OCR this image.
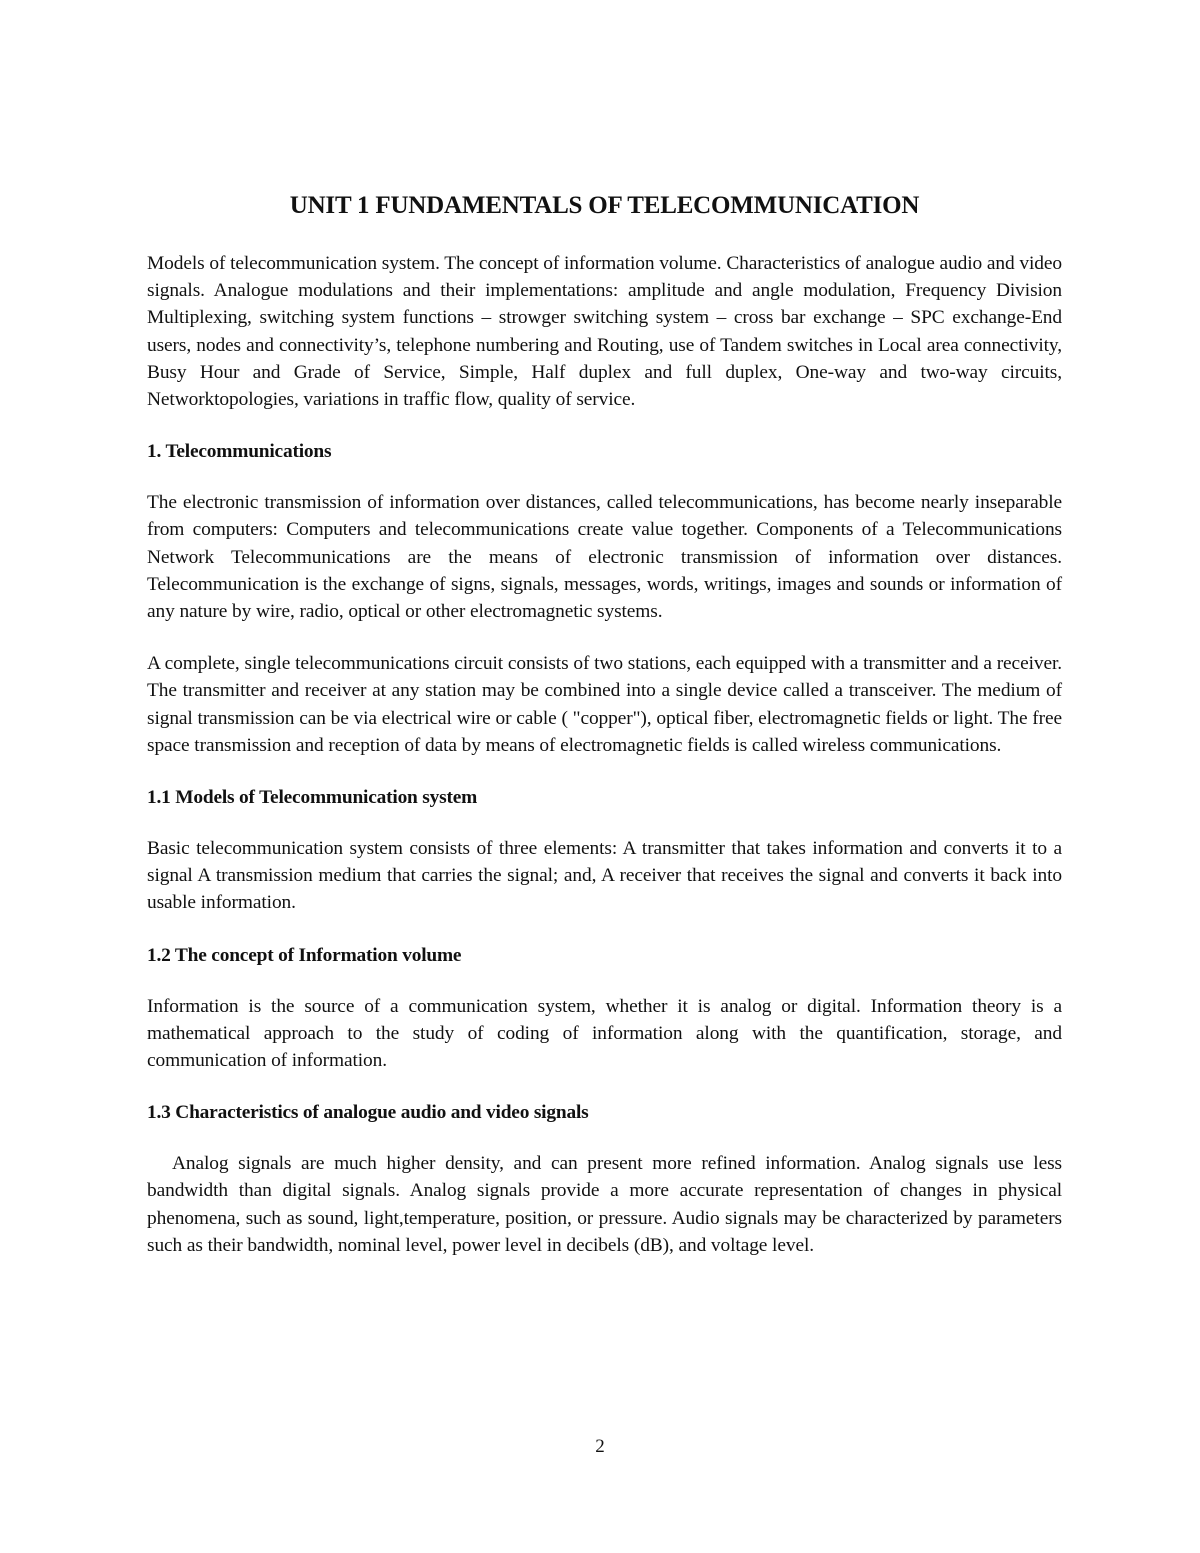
UNIT 1 FUNDAMENTALS OF TELECOMMUNICATION

Models of telecommunication system. The concept of information volume. Characteristics of analogue audio and video signals. Analogue modulations and their implementations: amplitude and angle modulation, Frequency Division Multiplexing, switching system functions – strowger switching system – cross bar exchange – SPC exchange-End users, nodes and connectivity’s, telephone numbering and Routing, use of Tandem switches in Local area connectivity, Busy Hour and Grade of Service, Simple, Half duplex and full duplex, One-way and two-way circuits, Networktopologies, variations in traffic flow, quality of service.

1. Telecommunications

The electronic transmission of information over distances, called telecommunications, has become nearly inseparable from computers: Computers and telecommunications create value together. Components of a Telecommunications Network Telecommunications are the means of electronic transmission of information over distances. Telecommunication is the exchange of signs, signals, messages, words, writings, images and sounds or information of any nature by wire, radio, optical or other electromagnetic systems.

A complete, single telecommunications circuit consists of two stations, each equipped with a transmitter and a receiver. The transmitter and receiver at any station may be combined into a single device called a transceiver. The medium of signal transmission can be via electrical wire or cable ( "copper"), optical fiber, electromagnetic fields or light. The free space transmission and reception of data by means of electromagnetic fields is called wireless communications.

1.1 Models of Telecommunication system

Basic telecommunication system consists of three elements: A transmitter that takes information and converts it to a signal A transmission medium that carries the signal; and, A receiver that receives the signal and converts it back into usable information.

1.2 The concept of Information volume

Information is the source of a communication system, whether it is analog or digital. Information theory is a mathematical approach to the study of coding of information along with the quantification, storage, and communication of information.

1.3 Characteristics of analogue audio and video signals

Analog signals are much higher density, and can present more refined information. Analog signals use less bandwidth than digital signals. Analog signals provide a more accurate representation of changes in physical phenomena, such as sound, light,temperature, position, or pressure. Audio signals may be characterized by parameters such as their bandwidth, nominal level, power level in decibels (dB), and voltage level.

2
